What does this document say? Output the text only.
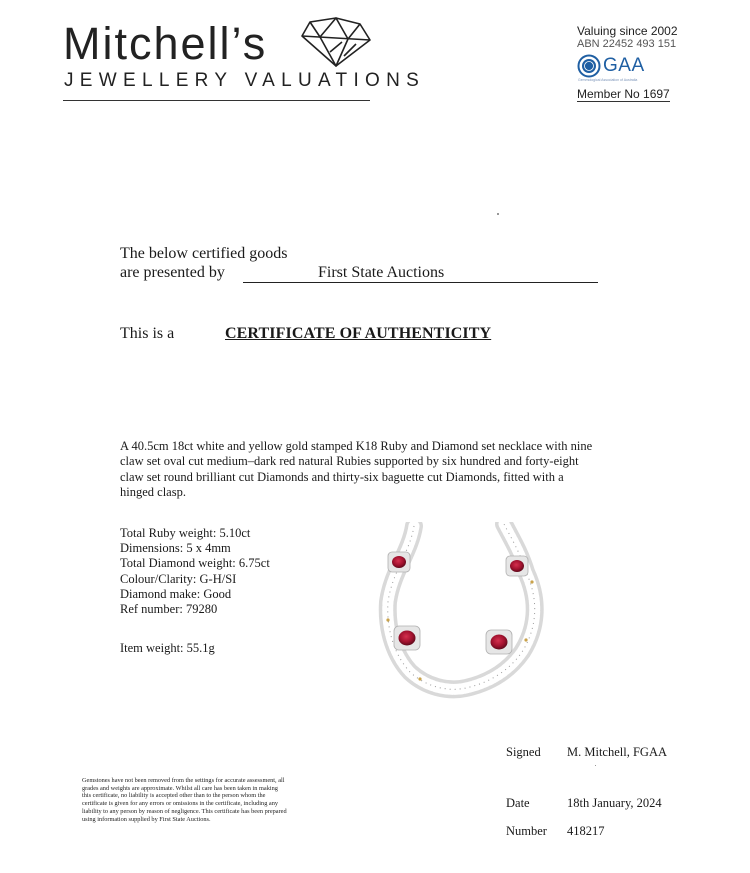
Mitchell’s
JEWELLERY VALUATIONS
Valuing since 2002
ABN 22452 493 151
GAA
Gemmological Association of Australia
Member No 1697
The below certified goods
are presented by	First State Auctions
This is a	CERTIFICATE OF AUTHENTICITY
A 40.5cm 18ct white and yellow gold stamped K18 Ruby and Diamond set necklace with nine claw set oval cut medium–dark red natural Rubies supported by six hundred and forty-eight claw set round brilliant cut Diamonds and thirty-six baguette cut Diamonds, fitted with a hinged clasp.
Total Ruby weight: 5.10ct
Dimensions: 5 x 4mm
Total Diamond weight: 6.75ct
Colour/Clarity: G-H/SI
Diamond make: Good
Ref number: 79280
Item weight: 55.1g
Signed M. Mitchell, FGAA
Date	18th January, 2024
Number 418217
Gemstones have not been removed from the settings for accurate assessment, all grades and weights are approximate. Whilst all care has been taken in making this certificate, no liability is accepted other than to the person whom the certificate is given for any errors or omissions in the certificate, including any liability to any person by reason of negligence. This certificate has been prepared using information supplied by First State Auctions.
